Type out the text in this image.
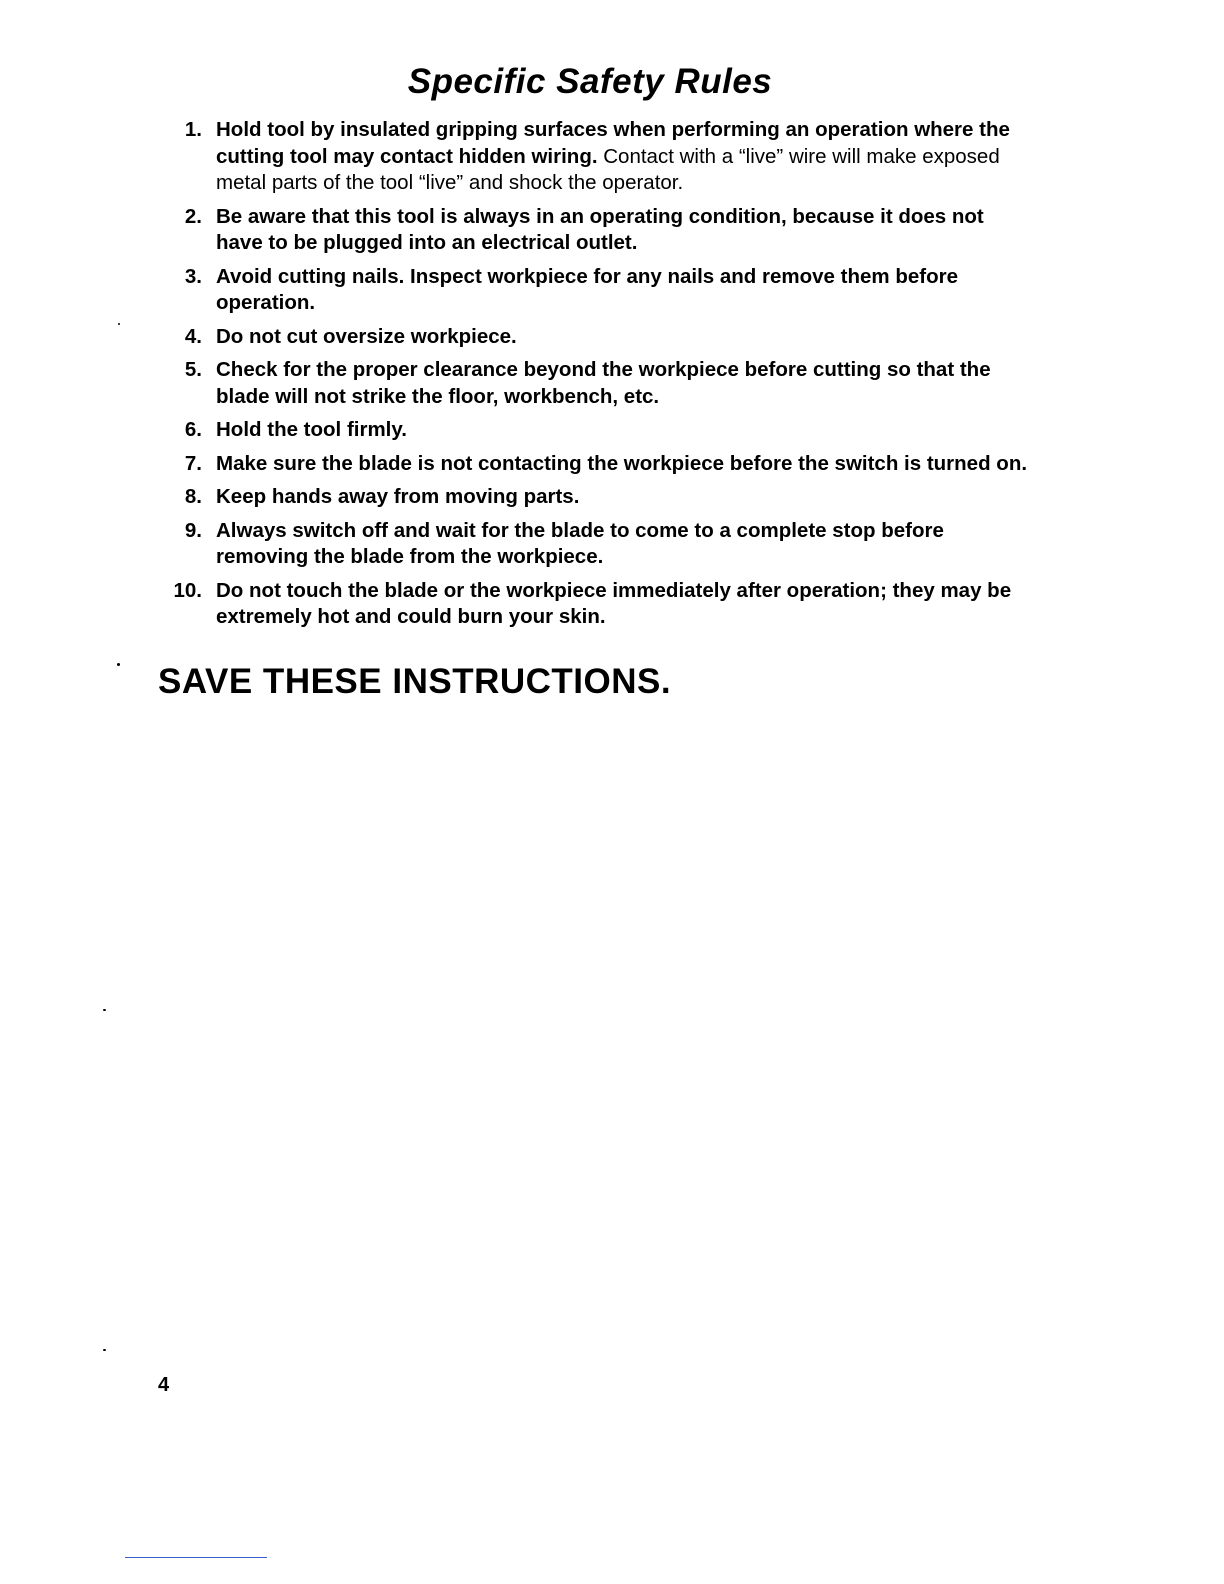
Specific Safety Rules
1. Hold tool by insulated gripping surfaces when performing an operation where the cutting tool may contact hidden wiring. Contact with a “live” wire will make exposed metal parts of the tool “live” and shock the operator.
2. Be aware that this tool is always in an operating condition, because it does not have to be plugged into an electrical outlet.
3. Avoid cutting nails. Inspect workpiece for any nails and remove them before operation.
4. Do not cut oversize workpiece.
5. Check for the proper clearance beyond the workpiece before cutting so that the blade will not strike the floor, workbench, etc.
6. Hold the tool firmly.
7. Make sure the blade is not contacting the workpiece before the switch is turned on.
8. Keep hands away from moving parts.
9. Always switch off and wait for the blade to come to a complete stop before removing the blade from the workpiece.
10. Do not touch the blade or the workpiece immediately after operation; they may be extremely hot and could burn your skin.
SAVE THESE INSTRUCTIONS.
4
